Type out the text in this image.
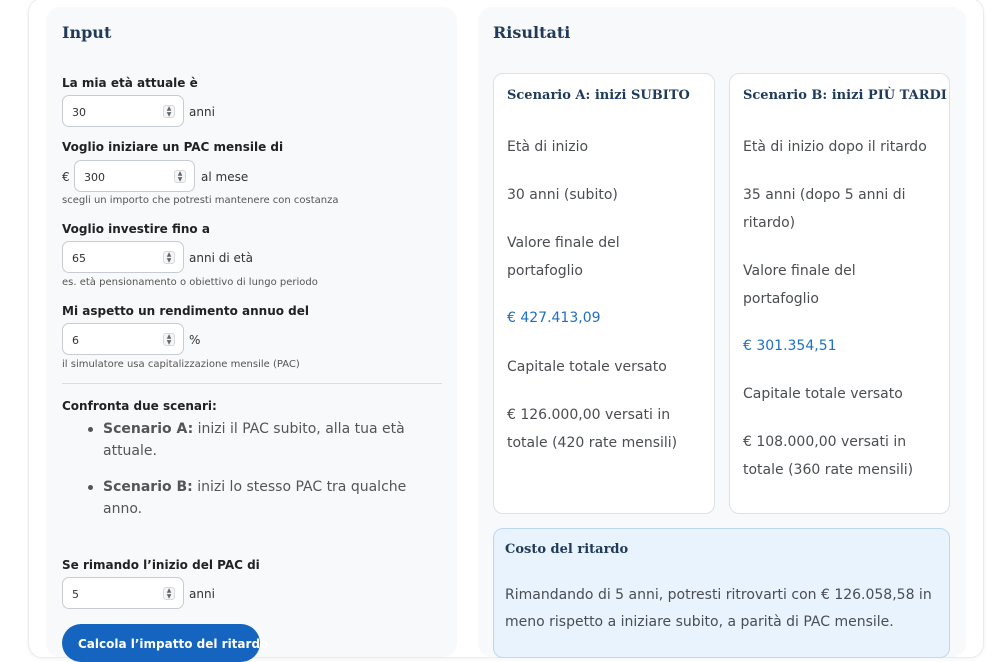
Input
La mia età attuale è
30	▲
▼	anni
Voglio iniziare un PAC mensile di
€ 300	▲
▼	al mese
scegli un importo che potresti mantenere con costanza
Voglio investire fino a
65	▲
▼	anni di età
es. età pensionamento o obiettivo di lungo periodo
Mi aspetto un rendimento annuo del
6	▲
▼	%
il simulatore usa capitalizzazione mensile (PAC)
Confronta due scenari:
Scenario A: inizi il PAC subito, alla tua età attuale.
Scenario B: inizi lo stesso PAC tra qualche anno.
Se rimando l’inizio del PAC di
5	▲
▼	anni
Calcola l’impatto del ritardo
Risultati
Scenario A: inizi SUBITO
Età di inizio
30 anni (subito)
Valore finale del portafoglio
€ 427.413,09
Capitale totale versato
€ 126.000,00 versati in totale (420 rate mensili)
Scenario B: inizi PIÙ TARDI
Età di inizio dopo il ritardo
35 anni (dopo 5 anni di ritardo)
Valore finale del portafoglio
€ 301.354,51
Capitale totale versato
€ 108.000,00 versati in totale (360 rate mensili)
Costo del ritardo
Rimandando di 5 anni, potresti ritrovarti con € 126.058,58 in meno rispetto a iniziare subito, a parità di PAC mensile.
